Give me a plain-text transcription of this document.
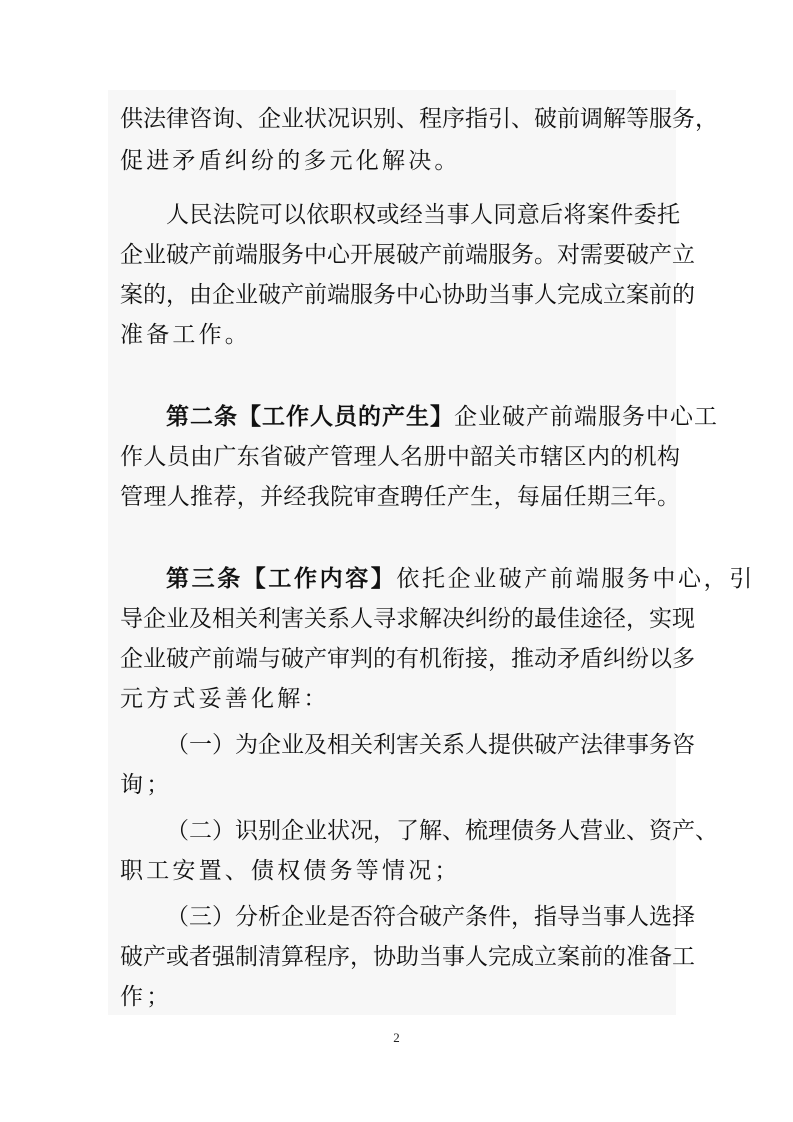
供法律咨询、企业状况识别、程序指引、破前调解等服务，
促进矛盾纠纷的多元化解决。
人民法院可以依职权或经当事人同意后将案件委托
企业破产前端服务中心开展破产前端服务。对需要破产立
案的，由企业破产前端服务中心协助当事人完成立案前的
准备工作。
第二条【工作人员的产生】企业破产前端服务中心工
作人员由广东省破产管理人名册中韶关市辖区内的机构
管理人推荐，并经我院审查聘任产生，每届任期三年。
第三条【工作内容】依托企业破产前端服务中心，引
导企业及相关利害关系人寻求解决纠纷的最佳途径，实现
企业破产前端与破产审判的有机衔接，推动矛盾纠纷以多
元方式妥善化解：
（一）为企业及相关利害关系人提供破产法律事务咨
询；
（二）识别企业状况，了解、梳理债务人营业、资产、
职工安置、债权债务等情况；
（三）分析企业是否符合破产条件，指导当事人选择
破产或者强制清算程序，协助当事人完成立案前的准备工
作；
2
